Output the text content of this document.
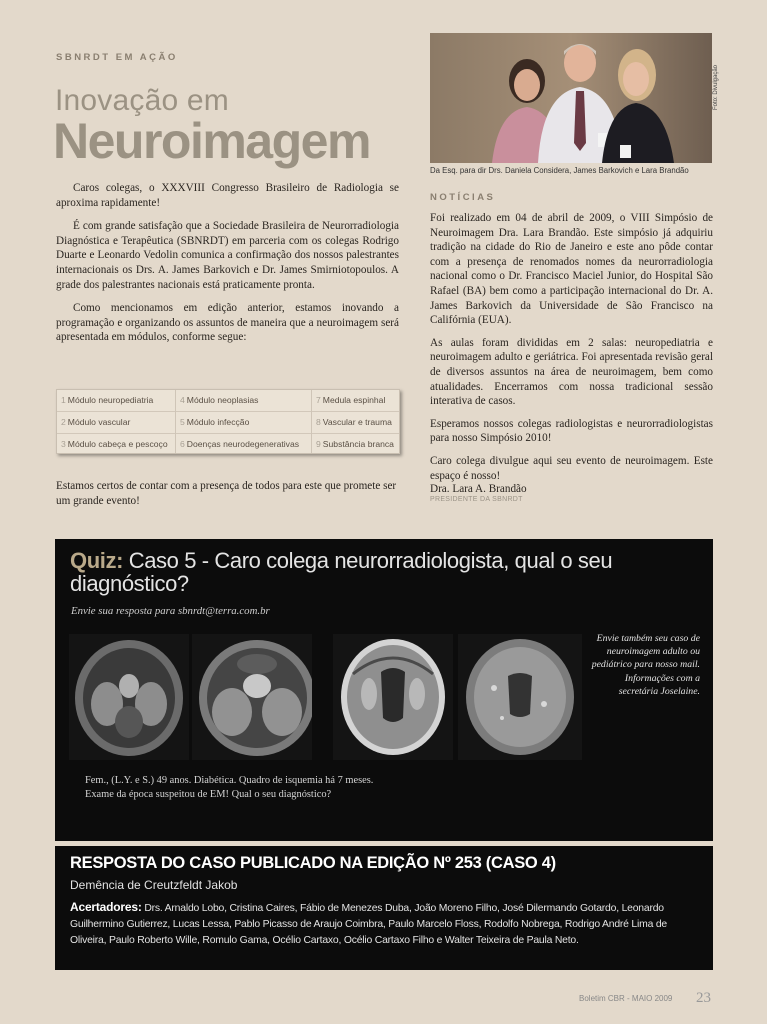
SBNRDT EM AÇÃO
Inovação em
Neuroimagem

Caros colegas, o XXXVIII Congresso Brasileiro de Radiologia se aproxima rapidamente!

É com grande satisfação que a Sociedade Brasileira de Neurorradiologia Diagnóstica e Terapêutica (SBNRDT) em parceria com os colegas Rodrigo Duarte e Leonardo Vedolin comunica a confirmação dos nossos palestrantes internacionais os Drs. A. James Barkovich e Dr. James Smirniotopoulos. A grade dos palestrantes nacionais está praticamente pronta.

Como mencionamos em edição anterior, estamos inovando a programação e organizando os assuntos de maneira que a neuroimagem será apresentada em módulos, conforme segue:

1 Módulo neuropediatria
2 Módulo vascular
3 Módulo cabeça e pescoço
4 Módulo neoplasias
5 Módulo infecção
6 Doenças neurodegenerativas
7 Medula espinhal
8 Vascular e trauma
9 Substância branca
Estamos certos de contar com a presença de todos para este que promete ser um grande evento!
Foto: Divulgação
Da Esq. para dir Drs. Daniela Considera, James Barkovich e Lara Brandão
NOTÍCIAS

Foi realizado em 04 de abril de 2009, o VIII Simpósio de Neuroimagem Dra. Lara Brandão. Este simpósio já adquiriu tradição na cidade do Rio de Janeiro e este ano pôde contar com a presença de renomados nomes da neurorradiologia nacional como o Dr. Francisco Maciel Junior, do Hospital São Rafael (BA) bem como a participação internacional do Dr. A. James Barkovich da Universidade de São Francisco na Califórnia (EUA).

As aulas foram divididas em 2 salas: neuropediatria e neuroimagem adulto e geriátrica. Foi apresentada revisão geral de diversos assuntos na área de neuroimagem, bem como atualidades. Encerramos com nossa tradicional sessão interativa de casos.

Esperamos nossos colegas radiologistas e neurorradiologistas para nosso Simpósio 2010!

Caro colega divulgue aqui seu evento de neuroimagem. Este espaço é nosso!

Dra. Lara A. Brandão
PRESIDENTE DA SBNRDT
Quiz: Caso 5 - Caro colega neurorradiologista, qual o seu diagnóstico?
Envie sua resposta para sbnrdt@terra.com.br
Envie também seu caso de neuroimagem adulto ou pediátrico para nosso mail. Informações com a secretária Joselaine.
Fem., (L.Y. e S.) 49 anos. Diabética. Quadro de isquemia há 7 meses. Exame da época suspeitou de EM! Qual o seu diagnóstico?
RESPOSTA DO CASO PUBLICADO NA EDIÇÃO Nº 253 (CASO 4)
Demência de Creutzfeldt Jakob
Acertadores: Drs. Arnaldo Lobo, Cristina Caires, Fábio de Menezes Duba, João Moreno Filho, José Dilermando Gotardo, Leonardo Guilhermino Gutierrez, Lucas Lessa, Pablo Picasso de Araujo Coimbra, Paulo Marcelo Floss, Rodolfo Nobrega, Rodrigo André Lima de Oliveira, Paulo Roberto Wille, Romulo Gama, Océlio Cartaxo, Océlio Cartaxo Filho e Walter Teixeira de Paula Neto.
Boletim CBR - MAIO 2009 23
